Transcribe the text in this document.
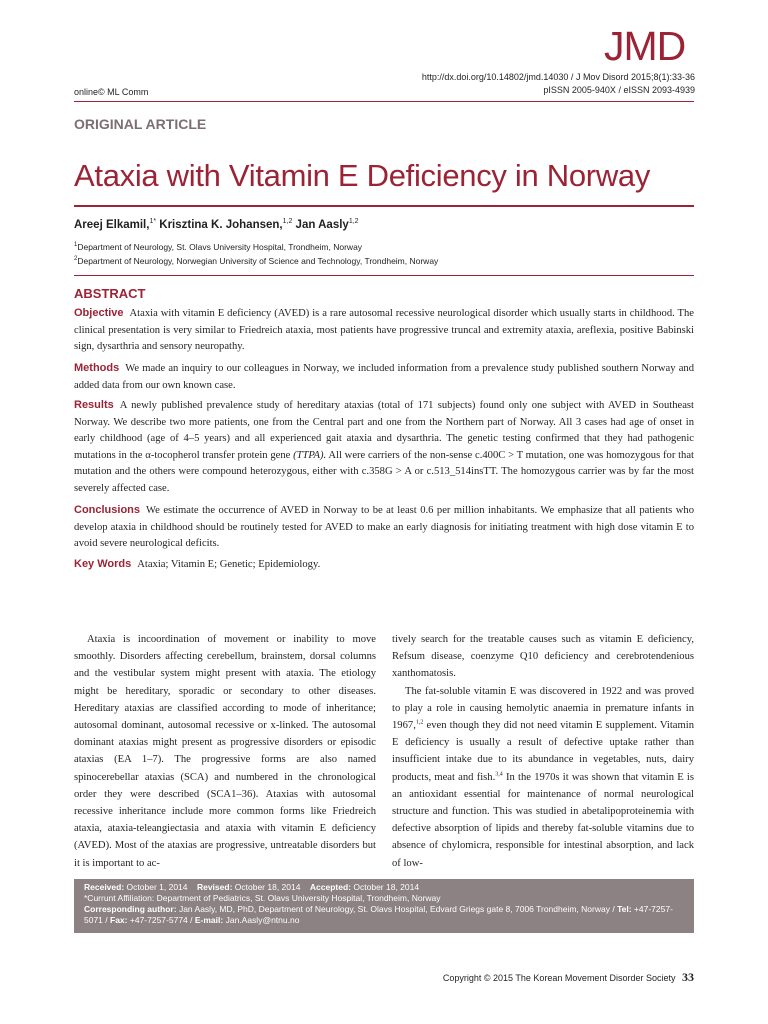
JMD
http://dx.doi.org/10.14802/jmd.14030 / J Mov Disord 2015;8(1):33-36
pISSN 2005-940X / eISSN 2093-4939
online© ML Comm
ORIGINAL ARTICLE
Ataxia with Vitamin E Deficiency in Norway
Areej Elkamil,$^{1*}$ Krisztina K. Johansen,$^{1,2}$ Jan Aasly$^{1,2}$
$^1$Department of Neurology, St. Olavs University Hospital, Trondheim, Norway
$^2$Department of Neurology, Norwegian University of Science and Technology, Trondheim, Norway
ABSTRACT
Objective Ataxia with vitamin E deficiency (AVED) is a rare autosomal recessive neurological disorder which usually starts in childhood. The clinical presentation is very similar to Friedreich ataxia, most patients have progressive truncal and extremity ataxia, areflexia, positive Babinski sign, dysarthria and sensory neuropathy.
Methods We made an inquiry to our colleagues in Norway, we included information from a prevalence study published southern Norway and added data from our own known case.
Results A newly published prevalence study of hereditary ataxias (total of 171 subjects) found only one subject with AVED in Southeast Norway. We describe two more patients, one from the Central part and one from the Northern part of Norway. All 3 cases had age of onset in early childhood (age of 4–5 years) and all experienced gait ataxia and dysarthria. The genetic testing confirmed that they had pathogenic mutations in the α-tocopherol transfer protein gene (TTPA). All were carriers of the non-sense c.400C > T mutation, one was homozygous for that mutation and the others were compound heterozygous, either with c.358G > A or c.513_514insTT. The homozygous carrier was by far the most severely affected case.
Conclusions We estimate the occurrence of AVED in Norway to be at least 0.6 per million inhabitants. We emphasize that all patients who develop ataxia in childhood should be routinely tested for AVED to make an early diagnosis for initiating treatment with high dose vitamin E to avoid severe neurological deficits.
Key Words Ataxia; Vitamin E; Genetic; Epidemiology.

Ataxia is incoordination of movement or inability to move smoothly. Disorders affecting cerebellum, brainstem, dorsal columns and the vestibular system might present with ataxia. The etiology might be hereditary, sporadic or secondary to other diseases. Hereditary ataxias are classified according to mode of inheritance; autosomal dominant, autosomal recessive or x-linked. The autosomal dominant ataxias might present as progressive disorders or episodic ataxias (EA 1–7). The progressive forms are also named spinocerebellar ataxias (SCA) and numbered in the chronological order they were described (SCA1–36). Ataxias with autosomal recessive inheritance include more common forms like Friedreich ataxia, ataxia-teleangiectasia and ataxia with vitamin E deficiency (AVED). Most of the ataxias are progressive, untreatable disorders but it is important to ac-

tively search for the treatable causes such as vitamin E deficiency, Refsum disease, coenzyme Q10 deficiency and cerebrotendenious xanthomatosis.

The fat-soluble vitamin E was discovered in 1922 and was proved to play a role in causing hemolytic anaemia in premature infants in 1967,$^{1,2}$ even though they did not need vitamin E supplement. Vitamin E deficiency is usually a result of defective uptake rather than insufficient intake due to its abundance in vegetables, nuts, dairy products, meat and fish.$^{3,4}$ In the 1970s it was shown that vitamin E is an antioxidant essential for maintenance of normal neurological structure and function. This was studied in abetalipoproteinemia with defective absorption of lipids and thereby fat-soluble vitamins due to absence of chylomicra, responsible for intestinal absorption, and lack of low-

Received: October 1, 2014 Revised: October 18, 2014 Accepted: October 18, 2014
*Currunt Affiliation: Department of Pediatrics, St. Olavs University Hospital, Trondheim, Norway
Corresponding author: Jan Aasly, MD, PhD, Department of Neurology, St. Olavs Hospital, Edvard Griegs gate 8, 7006 Trondheim, Norway / Tel: +47-7257-5071 / Fax: +47-7257-5774 / E-mail: Jan.Aasly@ntnu.no
Copyright © 2015 The Korean Movement Disorder Society 33
